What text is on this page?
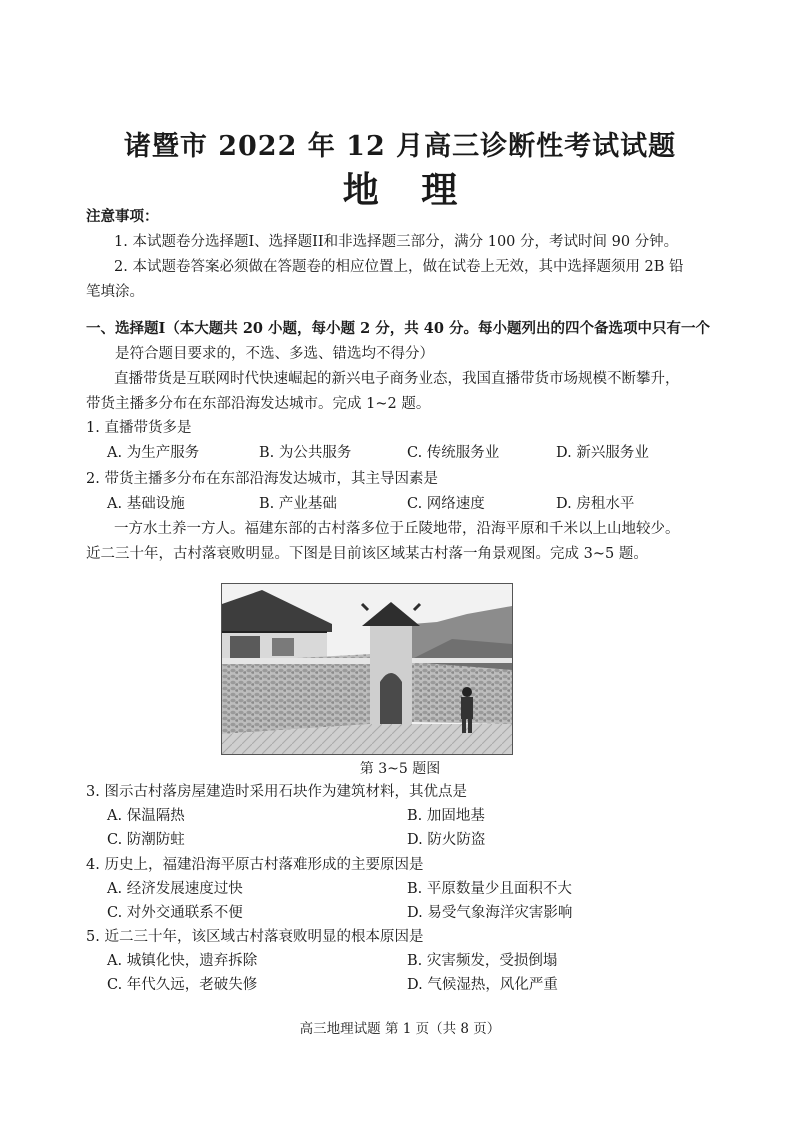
诸暨市 2022 年 12 月高三诊断性考试试题
地 理
注意事项：
1. 本试题卷分选择题I、选择题II和非选择题三部分，满分 100 分，考试时间 90 分钟。
2. 本试题卷答案必须做在答题卷的相应位置上，做在试卷上无效，其中选择题须用 2B 铅
笔填涂。
一、选择题I（本大题共 20 小题，每小题 2 分，共 40 分。每小题列出的四个备选项中只有一个
是符合题目要求的，不选、多选、错选均不得分）
直播带货是互联网时代快速崛起的新兴电子商务业态，我国直播带货市场规模不断攀升，
带货主播多分布在东部沿海发达城市。完成 1~2 题。
1. 直播带货多是
A. 为生产服务	B. 为公共服务	C. 传统服务业	D. 新兴服务业
2. 带货主播多分布在东部沿海发达城市，其主导因素是
A. 基础设施	B. 产业基础	C. 网络速度	D. 房租水平
一方水土养一方人。福建东部的古村落多位于丘陵地带，沿海平原和千米以上山地较少。
近二三十年，古村落衰败明显。下图是目前该区域某古村落一角景观图。完成 3~5 题。
第 3~5 题图
3. 图示古村落房屋建造时采用石块作为建筑材料，其优点是
A. 保温隔热	B. 加固地基
C. 防潮防蛀	D. 防火防盗
4. 历史上，福建沿海平原古村落难形成的主要原因是
A. 经济发展速度过快	B. 平原数量少且面积不大
C. 对外交通联系不便	D. 易受气象海洋灾害影响
5. 近二三十年，该区域古村落衰败明显的根本原因是
A. 城镇化快，遗弃拆除	B. 灾害频发，受损倒塌
C. 年代久远，老破失修	D. 气候湿热，风化严重
高三地理试题 第 1 页（共 8 页）
